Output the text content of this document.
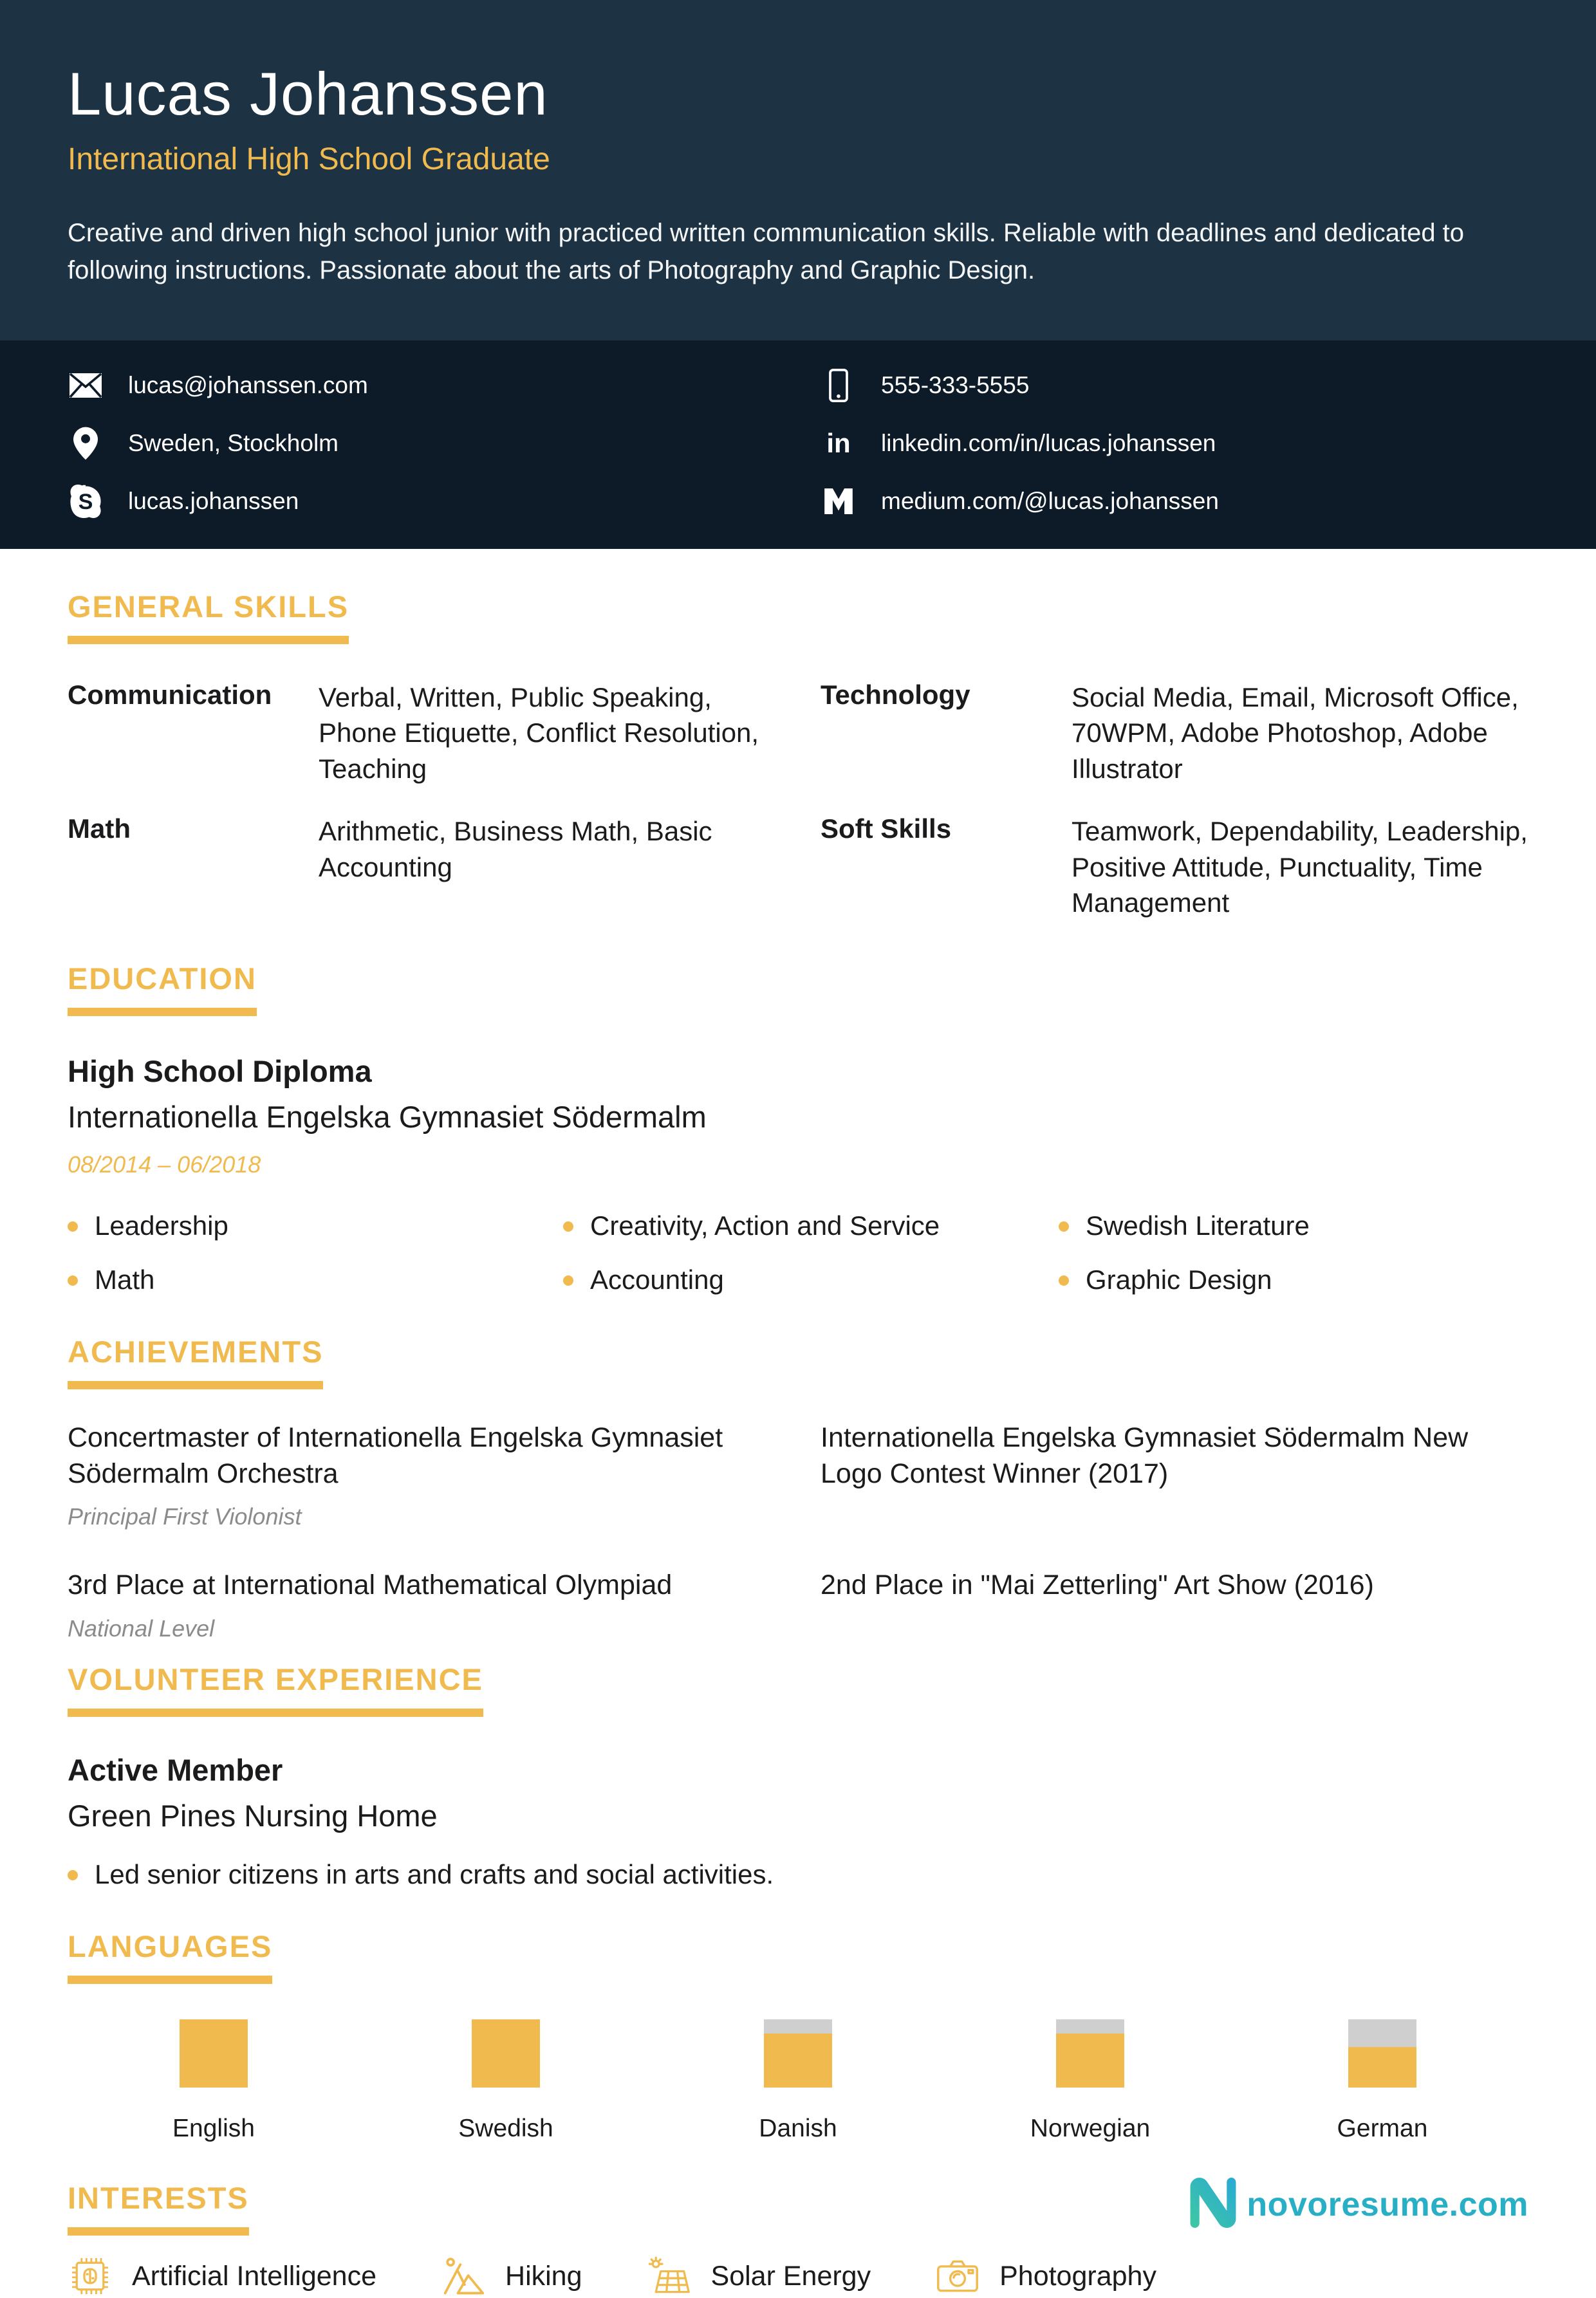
Lucas Johanssen
International High School Graduate

Creative and driven high school junior with practiced written communication skills. Reliable with deadlines and dedicated to following instructions. Passionate about the arts of Photography and Graphic Design.

lucas@johanssen.com
Sweden, Stockholm
S lucas.johanssen
555-333-5555
in linkedin.com/in/lucas.johanssen
medium.com/@lucas.johanssen
GENERAL SKILLS
Communication	Verbal, Written, Public Speaking, Phone Etiquette, Conflict Resolution, Teaching
Technology	Social Media, Email, Microsoft Office, 70WPM, Adobe Photoshop, Adobe Illustrator
Math	Arithmetic, Business Math, Basic Accounting
Soft Skills	Teamwork, Dependability, Leadership, Positive Attitude, Punctuality, Time Management
EDUCATION
High School Diploma
Internationella Engelska Gymnasiet Södermalm
08/2014 – 06/2018
Leadership	Creativity, Action and Service	Swedish Literature
Math	Accounting	Graphic Design
ACHIEVEMENTS
Concertmaster of Internationella Engelska Gymnasiet Södermalm Orchestra
Principal First Violonist
Internationella Engelska Gymnasiet Södermalm New Logo Contest Winner (2017)
3rd Place at International Mathematical Olympiad
National Level
2nd Place in "Mai Zetterling" Art Show (2016)
VOLUNTEER EXPERIENCE
Active Member
Green Pines Nursing Home
Led senior citizens in arts and crafts and social activities.
LANGUAGES
English	Swedish	Danish	Norwegian	German
INTERESTS
Artificial Intelligence	Hiking	Solar Energy	Photography
novoresume.com
